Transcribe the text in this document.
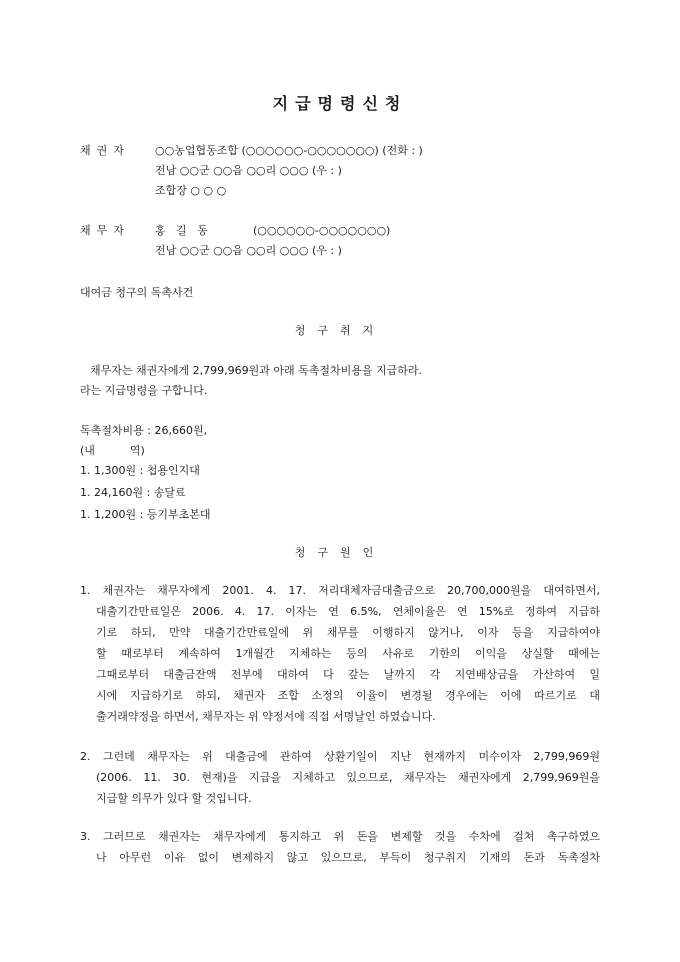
지급명령신청
채권자 ○○농업협동조합 (○○○○○○-○○○○○○○) (전화 : )
전남 ○○군 ○○읍 ○○리 ○○○ (우 : )
조합장 ○ ○ ○
채무자 홍   길   동	(○○○○○○-○○○○○○○)
전남 ○○군 ○○읍 ○○리 ○○○ (우 : )
대여금 청구의 독촉사건
청구취지
채무자는 채권자에게 2,799,969원과 아래 독촉절차비용을 지급하라.
라는 지급명령을 구합니다.
독촉절차비용 : 26,660원,
(내          역)
1. 1,300원 : 첩용인지대
1. 24,160원 : 송달료
1. 1,200원 : 등기부초본대
청구원인
1. 채권자는 채무자에게 2001. 4. 17. 저리대체자금대출금으로 20,700,000원을 대여하면서,
대출기간만료일은 2006. 4. 17. 이자는 연 6.5%, 연체이율은 연 15%로 정하여 지급하
기로 하되, 만약 대출기간만료일에 위 채무를 이행하지 않거나, 이자 등을 지급하여야
할 때로부터 계속하여 1개월간 지체하는 등의 사유로 기한의 이익을 상실할 때에는
그때로부터 대출금잔액 전부에 대하여 다 갚는 날까지 각 지연배상금을 가산하여 일
시에 지급하기로 하되, 채권자 조합 소정의 이율이 변경될 경우에는 이에 따르기로 대
출거래약정을 하면서, 채무자는 위 약정서에 직접 서명날인 하였습니다.
2. 그런데 채무자는 위 대출금에 관하여 상환기일이 지난 현재까지 미수이자 2,799,969원
(2006. 11. 30. 현재)을 지급을 지체하고 있으므로, 채무자는 채권자에게 2,799,969원을
지급할 의무가 있다 할 것입니다.
3. 그러므로 채권자는 채무자에게 통지하고 위 돈을 변제할 것을 수차에 걸쳐 촉구하였으
나 아무런 이유 없이 변제하지 않고 있으므로, 부득이 청구취지 기재의 돈과 독촉절차
